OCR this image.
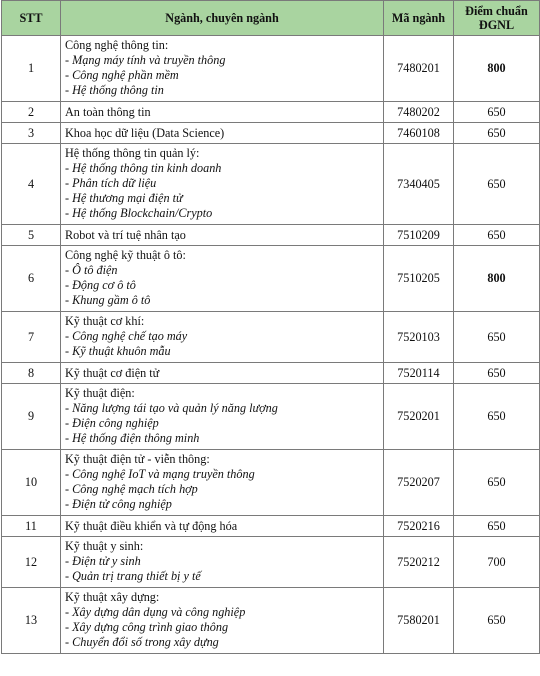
STT	Ngành, chuyên ngành	Mã ngành	Điểm chuẩn ĐGNL
1	Công nghệ thông tin:
- Mạng máy tính và truyền thông
- Công nghệ phần mềm
- Hệ thống thông tin	7480201	800
2	An toàn thông tin	7480202	650
3	Khoa học dữ liệu (Data Science)	7460108	650
4	Hệ thống thông tin quản lý:
- Hệ thống thông tin kinh doanh
- Phân tích dữ liệu
- Hệ thương mại điện tử
- Hệ thống Blockchain/Crypto	7340405	650
5	Robot và trí tuệ nhân tạo	7510209	650
6	Công nghệ kỹ thuật ô tô:
- Ô tô điện
- Động cơ ô tô
- Khung gầm ô tô	7510205	800
7	Kỹ thuật cơ khí:
- Công nghệ chế tạo máy
- Kỹ thuật khuôn mẫu	7520103	650
8	Kỹ thuật cơ điện tử	7520114	650
9	Kỹ thuật điện:
- Năng lượng tái tạo và quản lý năng lượng
- Điện công nghiệp
- Hệ thống điện thông minh	7520201	650
10	Kỹ thuật điện tử - viễn thông:
- Công nghệ IoT và mạng truyền thông
- Công nghệ mạch tích hợp
- Điện tử công nghiệp	7520207	650
11	Kỹ thuật điều khiển và tự động hóa	7520216	650
12	Kỹ thuật y sinh:
- Điện tử y sinh
- Quản trị trang thiết bị y tế	7520212	700
13	Kỹ thuật xây dựng:
- Xây dựng dân dụng và công nghiệp
- Xây dựng công trình giao thông
- Chuyển đổi số trong xây dựng	7580201	650
